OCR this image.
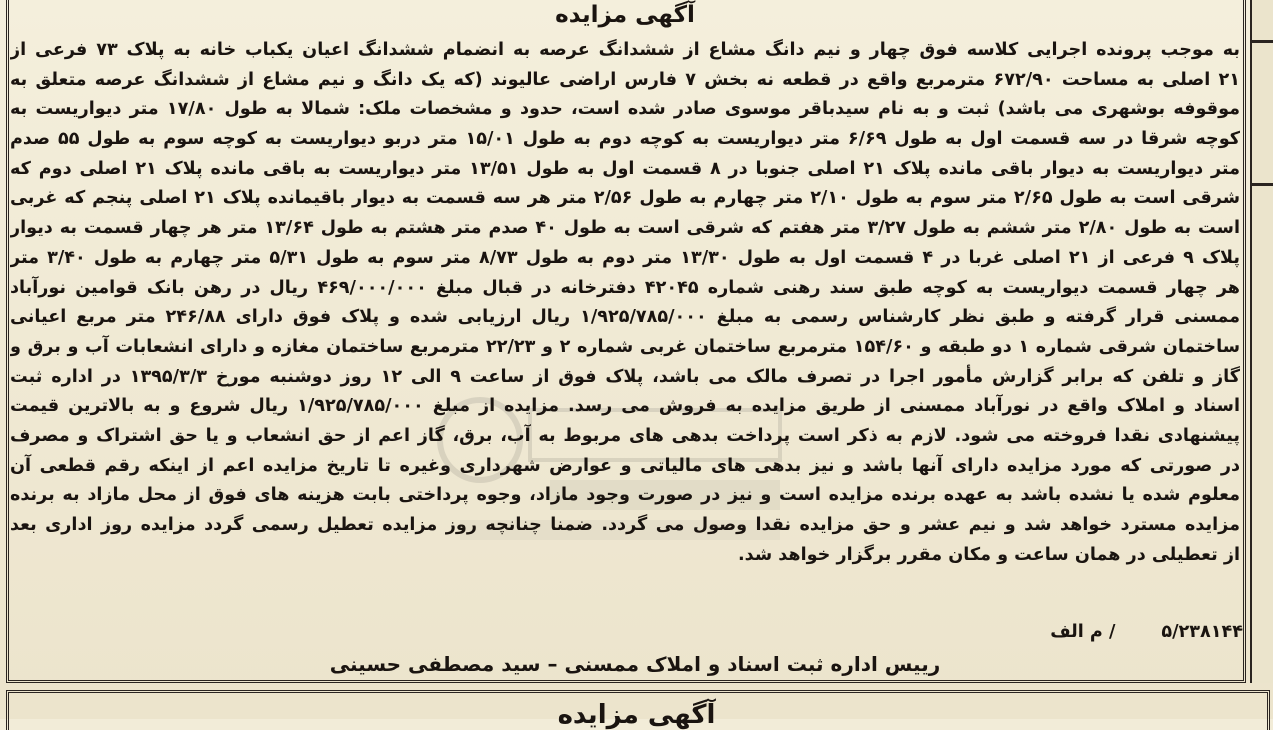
آگهی مزایده
به موجب پرونده اجرایی کلاسه فوق چهار و نیم دانگ مشاع از ششدانگ عرصه به انضمام ششدانگ اعیان یکباب خانه به پلاک ۷۳ فرعی از
۲۱ اصلی به مساحت ۶۷۲/۹۰ مترمربع واقع در قطعه نه بخش ۷ فارس اراضی عالیوند (که یک دانگ و نیم مشاع از ششدانگ عرصه متعلق به
موقوفه بوشهری می باشد) ثبت و به نام سیدباقر موسوی صادر شده است، حدود و مشخصات ملک: شمالا به طول ۱۷/۸۰ متر دیواریست به
کوچه شرقا در سه قسمت اول به طول ۶/۶۹ متر دیواریست به کوچه دوم به طول ۱۵/۰۱ متر دربو دیواریست به کوچه سوم به طول ۵۵ صدم
متر دیواریست به دیوار باقی مانده پلاک ۲۱ اصلی جنوبا در ۸ قسمت اول به طول ۱۳/۵۱ متر دیواریست به باقی مانده پلاک ۲۱ اصلی دوم که
شرقی است به طول ۲/۶۵ متر سوم به طول ۲/۱۰ متر چهارم به طول ۲/۵۶ متر هر سه قسمت به دیوار باقیمانده پلاک ۲۱ اصلی پنجم که غربی
است به طول ۲/۸۰ متر ششم به طول ۳/۲۷ متر هفتم که شرقی است به طول ۴۰ صدم متر هشتم به طول ۱۳/۶۴ متر هر چهار قسمت به دیوار
پلاک ۹ فرعی از ۲۱ اصلی غربا در ۴ قسمت اول به طول ۱۳/۳۰ متر دوم به طول ۸/۷۳ متر سوم به طول ۵/۳۱ متر چهارم به طول ۳/۴۰ متر
هر چهار قسمت دیواریست به کوچه طبق سند رهنی شماره ۴۲۰۴۵ دفترخانه در قبال مبلغ ۴۶۹/۰۰۰/۰۰۰ ریال در رهن بانک قوامین نورآباد
ممسنی قرار گرفته و طبق نظر کارشناس رسمی به مبلغ ۱/۹۲۵/۷۸۵/۰۰۰ ریال ارزیابی شده و پلاک فوق دارای ۲۴۶/۸۸ متر مربع اعیانی
ساختمان شرقی شماره ۱ دو طبقه و ۱۵۴/۶۰ مترمربع ساختمان غربی شماره ۲ و ۲۲/۲۳ مترمربع ساختمان مغازه و دارای انشعابات آب و برق و
گاز و تلفن که برابر گزارش مأمور اجرا در تصرف مالک می باشد، پلاک فوق از ساعت ۹ الی ۱۲ روز دوشنبه مورخ ۱۳۹۵/۳/۳ در اداره ثبت
اسناد و املاک واقع در نورآباد ممسنی از طریق مزایده به فروش می رسد. مزایده از مبلغ ۱/۹۲۵/۷۸۵/۰۰۰ ریال شروع و به بالاترین قیمت
پیشنهادی نقدا فروخته می شود. لازم به ذکر است پرداخت بدهی های مربوط به آب، برق، گاز اعم از حق انشعاب و یا حق اشتراک و مصرف
در صورتی که مورد مزایده دارای آنها باشد و نیز بدهی های مالیاتی و عوارض شهرداری وغیره تا تاریخ مزایده اعم از اینکه رقم قطعی آن
معلوم شده یا نشده باشد به عهده برنده مزایده است و نیز در صورت وجود مازاد، وجوه پرداختی بابت هزینه های فوق از محل مازاد به برنده
مزایده مسترد خواهد شد و نیم عشر و حق مزایده نقدا وصول می گردد. ضمنا چنانچه روز مزایده تعطیل رسمی گردد مزایده روز اداری بعد
از تعطیلی در همان ساعت و مکان مقرر برگزار خواهد شد.
۵/۲۳۸۱۴۴/ م الف
رییس اداره ثبت اسناد و املاک ممسنی – سید مصطفی حسینی
آگهی مزایده
